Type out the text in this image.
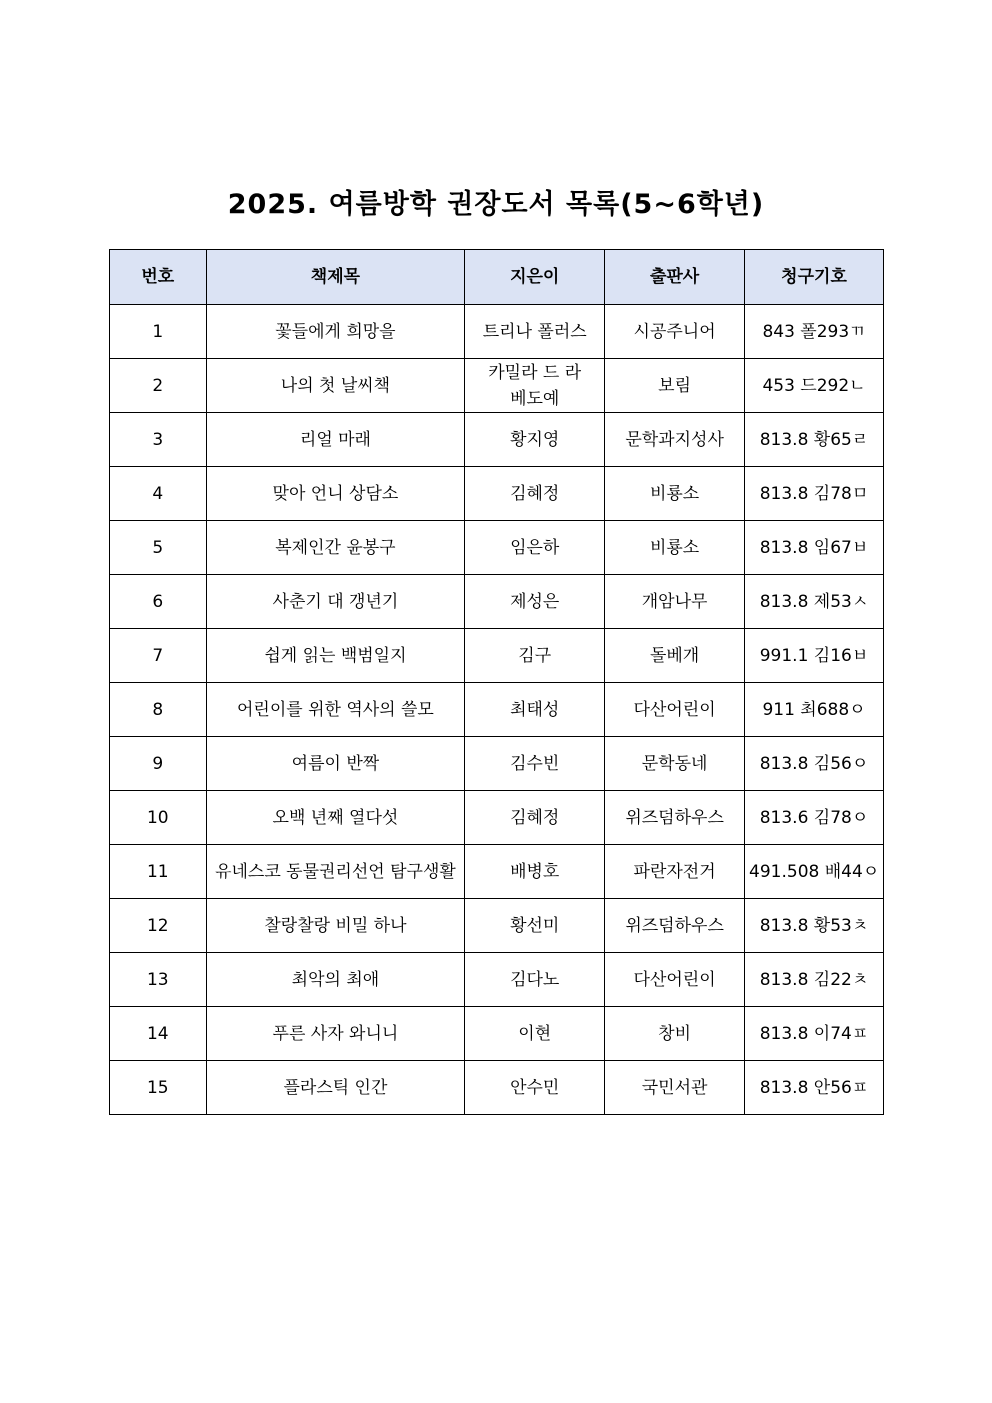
2025. 여름방학 권장도서 목록(5~6학년)
번호	책제목	지은이	출판사	청구기호
1	꽃들에게 희망을	트리나 폴러스	시공주니어	843 폴293ㄲ
2	나의 첫 날씨책	카밀라 드 라 베도예	보림	453 드292ㄴ
3	리얼 마래	황지영	문학과지성사	813.8 황65ㄹ
4	맞아 언니 상담소	김혜정	비룡소	813.8 김78ㅁ
5	복제인간 윤봉구	임은하	비룡소	813.8 임67ㅂ
6	사춘기 대 갱년기	제성은	개암나무	813.8 제53ㅅ
7	쉽게 읽는 백범일지	김구	돌베개	991.1 김16ㅂ
8	어린이를 위한 역사의 쓸모	최태성	다산어린이	911 최688ㅇ
9	여름이 반짝	김수빈	문학동네	813.8 김56ㅇ
10	오백 년째 열다섯	김혜정	위즈덤하우스	813.6 김78ㅇ
11	유네스코 동물권리선언 탐구생활	배병호	파란자전거	491.508 배44ㅇ
12	찰랑찰랑 비밀 하나	황선미	위즈덤하우스	813.8 황53ㅊ
13	최악의 최애	김다노	다산어린이	813.8 김22ㅊ
14	푸른 사자 와니니	이현	창비	813.8 이74ㅍ
15	플라스틱 인간	안수민	국민서관	813.8 안56ㅍ
